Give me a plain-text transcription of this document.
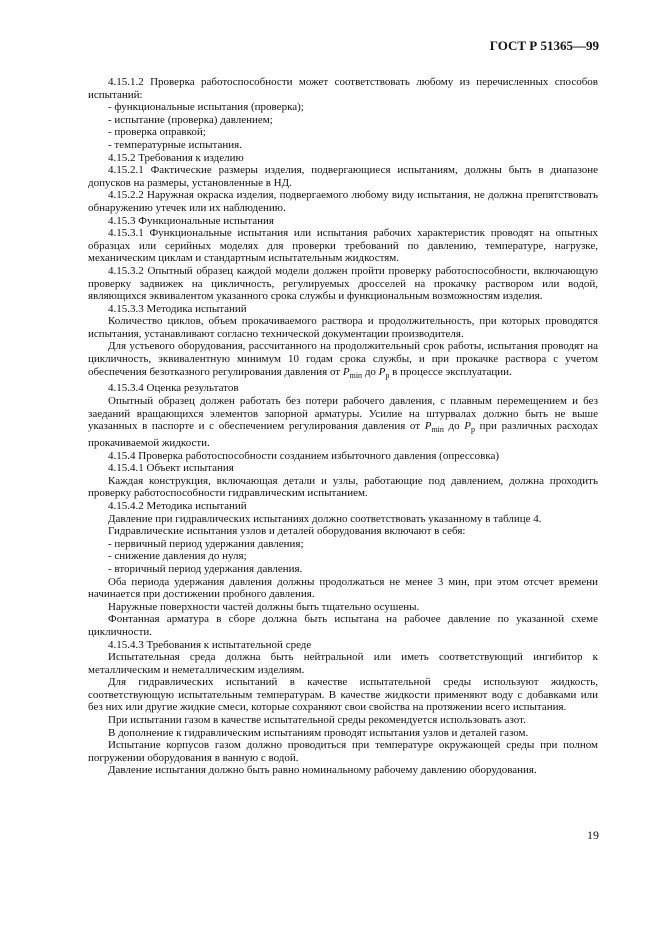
ГОСТ Р 51365—99

4.15.1.2 Проверка работоспособности может соответствовать любому из перечисленных способов испытаний:

- функциональные испытания (проверка);

- испытание (проверка) давлением;

- проверка оправкой;

- температурные испытания.

4.15.2 Требования к изделию

4.15.2.1 Фактические размеры изделия, подвергающиеся испытаниям, должны быть в диапазоне допусков на размеры, установленные в НД.

4.15.2.2 Наружная окраска изделия, подвергаемого любому виду испытания, не должна препятствовать обнаружению утечек или их наблюдению.

4.15.3 Функциональные испытания

4.15.3.1 Функциональные испытания или испытания рабочих характеристик проводят на опытных образцах или серийных моделях для проверки требований по давлению, температуре, нагрузке, механическим циклам и стандартным испытательным жидкостям.

4.15.3.2 Опытный образец каждой модели должен пройти проверку работоспособности, включающую проверку задвижек на цикличность, регулируемых дросселей на прокачку раствором или водой, являющихся эквивалентом указанного срока службы и функциональным возможностям изделия.

4.15.3.3 Методика испытаний

Количество циклов, объем прокачиваемого раствора и продолжительность, при которых проводятся испытания, устанавливают согласно технической документации производителя.

Для устьевого оборудования, рассчитанного на продолжительный срок работы, испытания проводят на цикличность, эквивалентную минимум 10 годам срока службы, и при прокачке раствора с учетом обеспечения безотказного регулирования давления от $P_{min}$ до $P_р$ в процессе эксплуатации.

4.15.3.4 Оценка результатов

Опытный образец должен работать без потери рабочего давления, с плавным перемещением и без заеданий вращающихся элементов запорной арматуры. Усилие на штурвалах должно быть не выше указанных в паспорте и с обеспечением регулирования давления от $P_{min}$ до $P_р$ при различных расходах прокачиваемой жидкости.

4.15.4 Проверка работоспособности созданием избыточного давления (опрессовка)

4.15.4.1 Объект испытания

Каждая конструкция, включающая детали и узлы, работающие под давлением, должна проходить проверку работоспособности гидравлическим испытанием.

4.15.4.2 Методика испытаний

Давление при гидравлических испытаниях должно соответствовать указанному в таблице 4.

Гидравлические испытания узлов и деталей оборудования включают в себя:

- первичный период удержания давления;

- снижение давления до нуля;

- вторичный период удержания давления.

Оба периода удержания давления должны продолжаться не менее 3 мин, при этом отсчет времени начинается при достижении пробного давления.

Наружные поверхности частей должны быть тщательно осушены.

Фонтанная арматура в сборе должна быть испытана на рабочее давление по указанной схеме цикличности.

4.15.4.3 Требования к испытательной среде

Испытательная среда должна быть нейтральной или иметь соответствующий ингибитор к металлическим и неметаллическим изделиям.

Для гидравлических испытаний в качестве испытательной среды используют жидкость, соответствующую испытательным температурам. В качестве жидкости применяют воду с добавками или без них или другие жидкие смеси, которые сохраняют свои свойства на протяжении всего испытания.

При испытании газом в качестве испытательной среды рекомендуется использовать азот.

В дополнение к гидравлическим испытаниям проводят испытания узлов и деталей газом.

Испытание корпусов газом должно проводиться при температуре окружающей среды при полном погружении оборудования в ванную с водой.

Давление испытания должно быть равно номинальному рабочему давлению оборудования.

19
